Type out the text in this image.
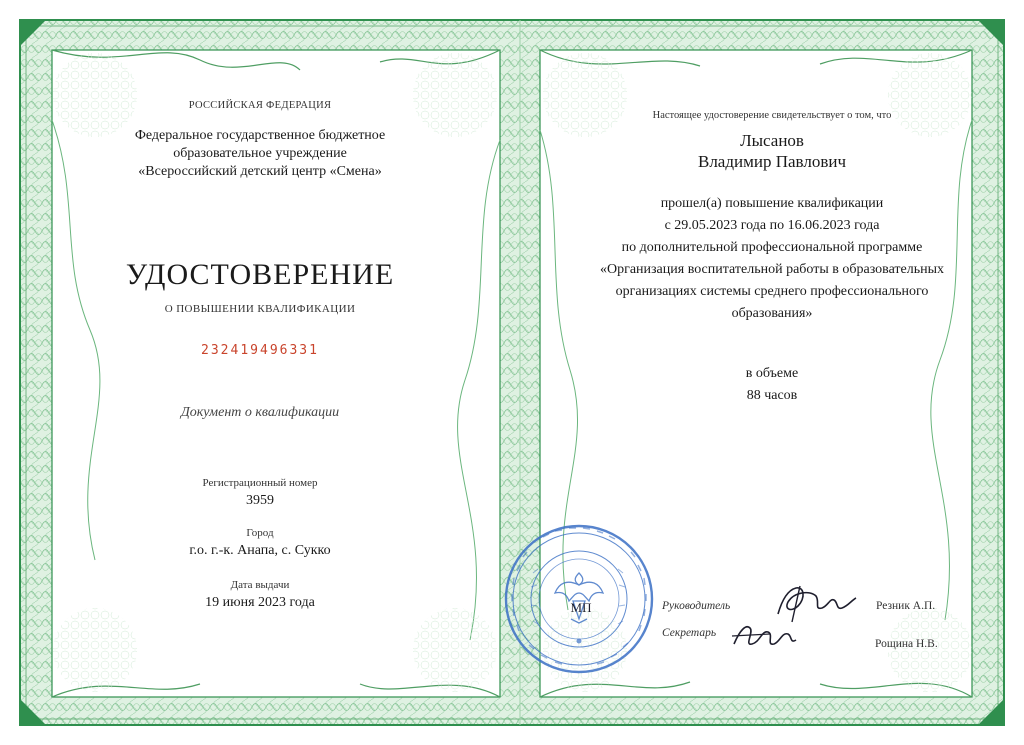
РОССИЙСКАЯ ФЕДЕРАЦИЯ
Федеральное государственное бюджетное
образовательное учреждение
«Всероссийский детский центр «Смена»
УДОСТОВЕРЕНИЕ
О ПОВЫШЕНИИ КВАЛИФИКАЦИИ
232419496331
Документ о квалификации
Регистрационный номер
3959
Город
г.о. г.-к. Анапа, с. Сукко
Дата выдачи
19 июня 2023 года
Настоящее удостоверение свидетельствует о том, что
Лысанов
Владимир Павлович
прошел(а) повышение квалификации
с 29.05.2023 года по 16.06.2023 года
по дополнительной профессиональной программе
«Организация воспитательной работы в образовательных
организациях системы среднего профессионального
образования»
в объеме
88 часов
Руководитель	Резник А.П.
Секретарь
Рощина Н.В.
МП
